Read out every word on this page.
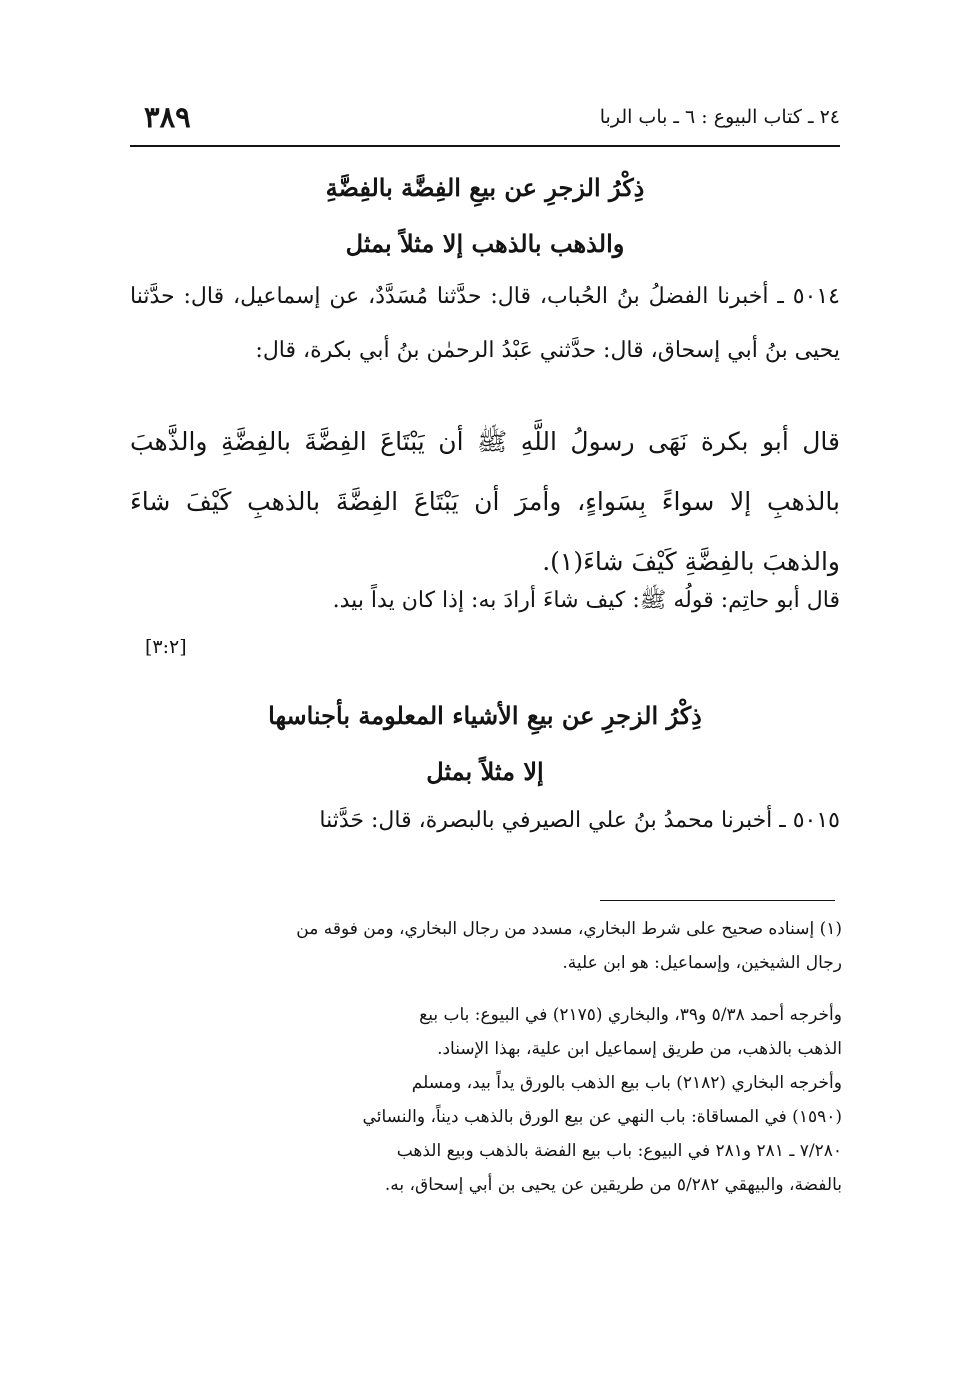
٣٨٩	٢٤ ـ كتاب البيوع : ٦ ـ باب الربا
ذِكْرُ الزجرِ عن بيعِ الفِضَّة بالفِضَّةِ
والذهب بالذهب إلا مثلاً بمثل
٥٠١٤ ـ أخبرنا الفضلُ بنُ الحُباب، قال: حدَّثنا مُسَدَّدٌ، عن إسماعيل، قال: حدَّثنا يحيى بنُ أبي إسحاق، قال: حدَّثني عَبْدُ الرحمٰن بنُ أبي بكرة، قال:
قال أبو بكرة نَهَى رسولُ اللَّهِ ﷺ أن يَبْتَاعَ الفِضَّةَ بالفِضَّةِ والذَّهبَ بالذهبِ إلا سواءً بِسَواءٍ، وأمرَ أن يَبْتَاعَ الفِضَّةَ بالذهبِ كَيْفَ شاءَ والذهبَ بالفِضَّةِ كَيْفَ شاءَ(١).
قال أبو حاتِم: قولُه ﷺ: كيف شاءَ أرادَ به: إذا كان يداً بيد.
[٣:٢]
ذِكْرُ الزجرِ عن بيعِ الأشياء المعلومة بأجناسها
إلا مثلاً بمثل
٥٠١٥ ـ أخبرنا محمدُ بنُ علي الصيرفي بالبصرة، قال: حَدَّثنا
(١) إسناده صحيح على شرط البخاري، مسدد من رجال البخاري، ومن فوقه من
رجال الشيخين، وإسماعيل: هو ابن علية.
وأخرجه أحمد ٥/٣٨ و٣٩، والبخاري (٢١٧٥) في البيوع: باب بيع
الذهب بالذهب، من طريق إسماعيل ابن علية، بهذا الإسناد.
وأخرجه البخاري (٢١٨٢) باب بيع الذهب بالورق يداً بيد، ومسلم
(١٥٩٠) في المساقاة: باب النهي عن بيع الورق بالذهب ديناً، والنسائي
٧/٢٨٠ ـ ٢٨١ و٢٨١ في البيوع: باب بيع الفضة بالذهب وبيع الذهب
بالفضة، والبيهقي ٥/٢٨٢ من طريقين عن يحيى بن أبي إسحاق، به.
